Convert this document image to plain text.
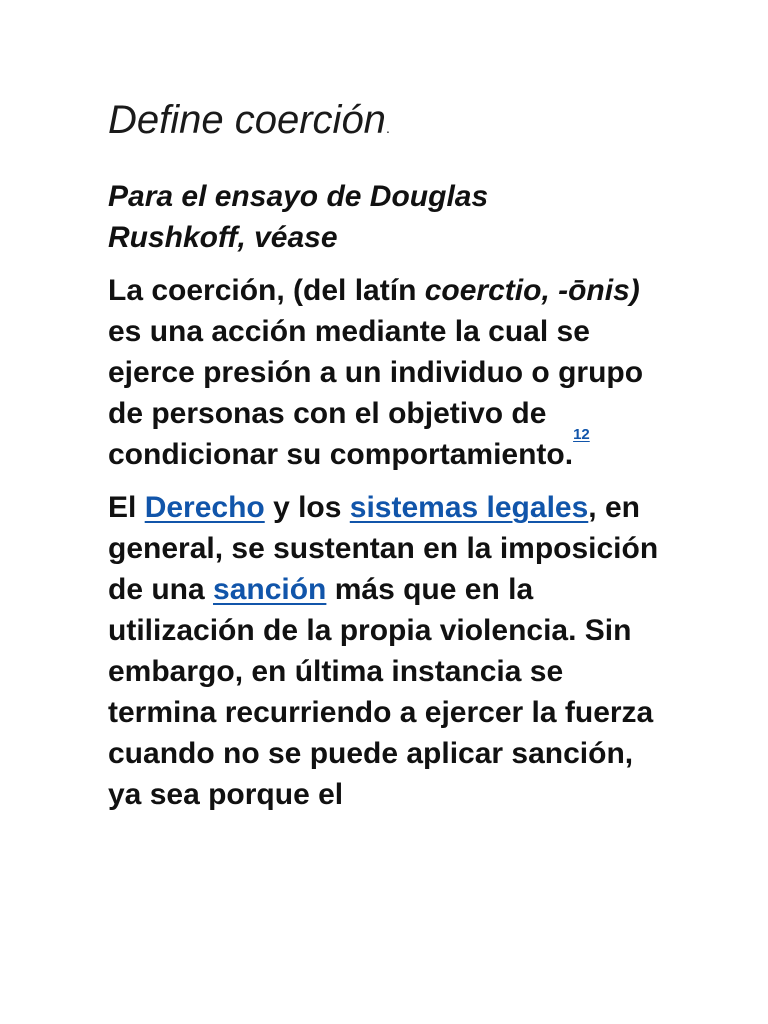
Define coerción.

Para el ensayo de Douglas
Rushkoff, véase

La coerción, (del latín coerctio, -ōnis) es una acción mediante la cual se ejerce presión a un individuo o grupo de personas con el objetivo de condicionar su comportamiento.$^{12}$

El Derecho y los sistemas legales, en general, se sustentan en la imposición de una sanción más que en la utilización de la propia violencia. Sin embargo, en última instancia se termina recurriendo a ejercer la fuerza cuando no se puede aplicar sanción, ya sea porque el
